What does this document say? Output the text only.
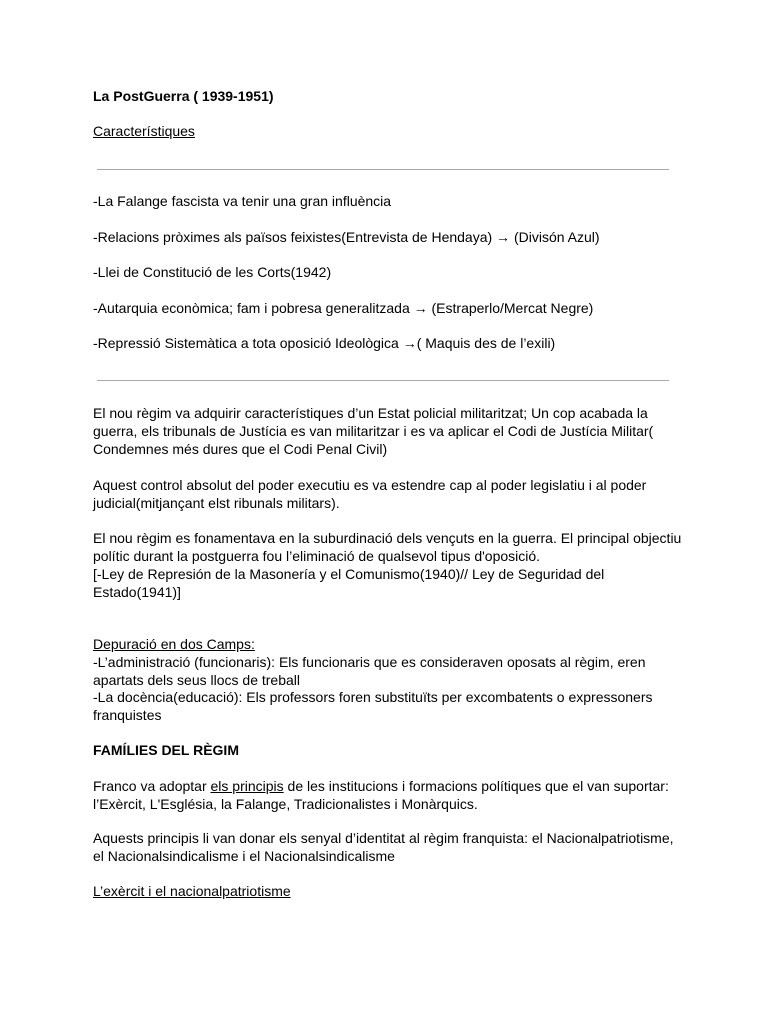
La PostGuerra ( 1939-1951)

Característiques

-La Falange fascista va tenir una gran influència

-Relacions pròximes als països feixistes(Entrevista de Hendaya) → (Divisón Azul)

-Llei de Constitució de les Corts(1942)

-Autarquia econòmica; fam i pobresa generalitzada → (Estraperlo/Mercat Negre)

-Repressió Sistemàtica a tota oposició Ideològica →( Maquis des de l’exili)

El nou règim va adquirir característiques d’un Estat policial militaritzat; Un cop acabada la guerra, els tribunals de Justícia es van militaritzar i es va aplicar el Codi de Justícia Militar( Condemnes més dures que el Codi Penal Civil)

Aquest control absolut del poder executiu es va estendre cap al poder legislatiu i al poder judicial(mitjançant elst ribunals militars).

El nou règim es fonamentava en la suburdinació dels vençuts en la guerra. El principal objectiu polític durant la postguerra fou l’eliminació de qualsevol tipus d'oposició.

[-Ley de Represión de la Masonería y el Comunismo(1940)// Ley de Seguridad del Estado(1941)]

Depuració en dos Camps:

-L’administració (funcionaris): Els funcionaris que es consideraven oposats al règim, eren apartats dels seus llocs de treball

-La docència(educació): Els professors foren substituïts per excombatents o expressoners franquistes

FAMÍLIES DEL RÈGIM

Franco va adoptar els principis de les institucions i formacions polítiques que el van suportar: l’Exèrcit, L'Església, la Falange, Tradicionalistes i Monàrquics.

Aquests principis li van donar els senyal d’identitat al règim franquista: el Nacionalpatriotisme, el Nacionalsindicalisme i el Nacionalsindicalisme

L’exèrcit i el nacionalpatriotisme
